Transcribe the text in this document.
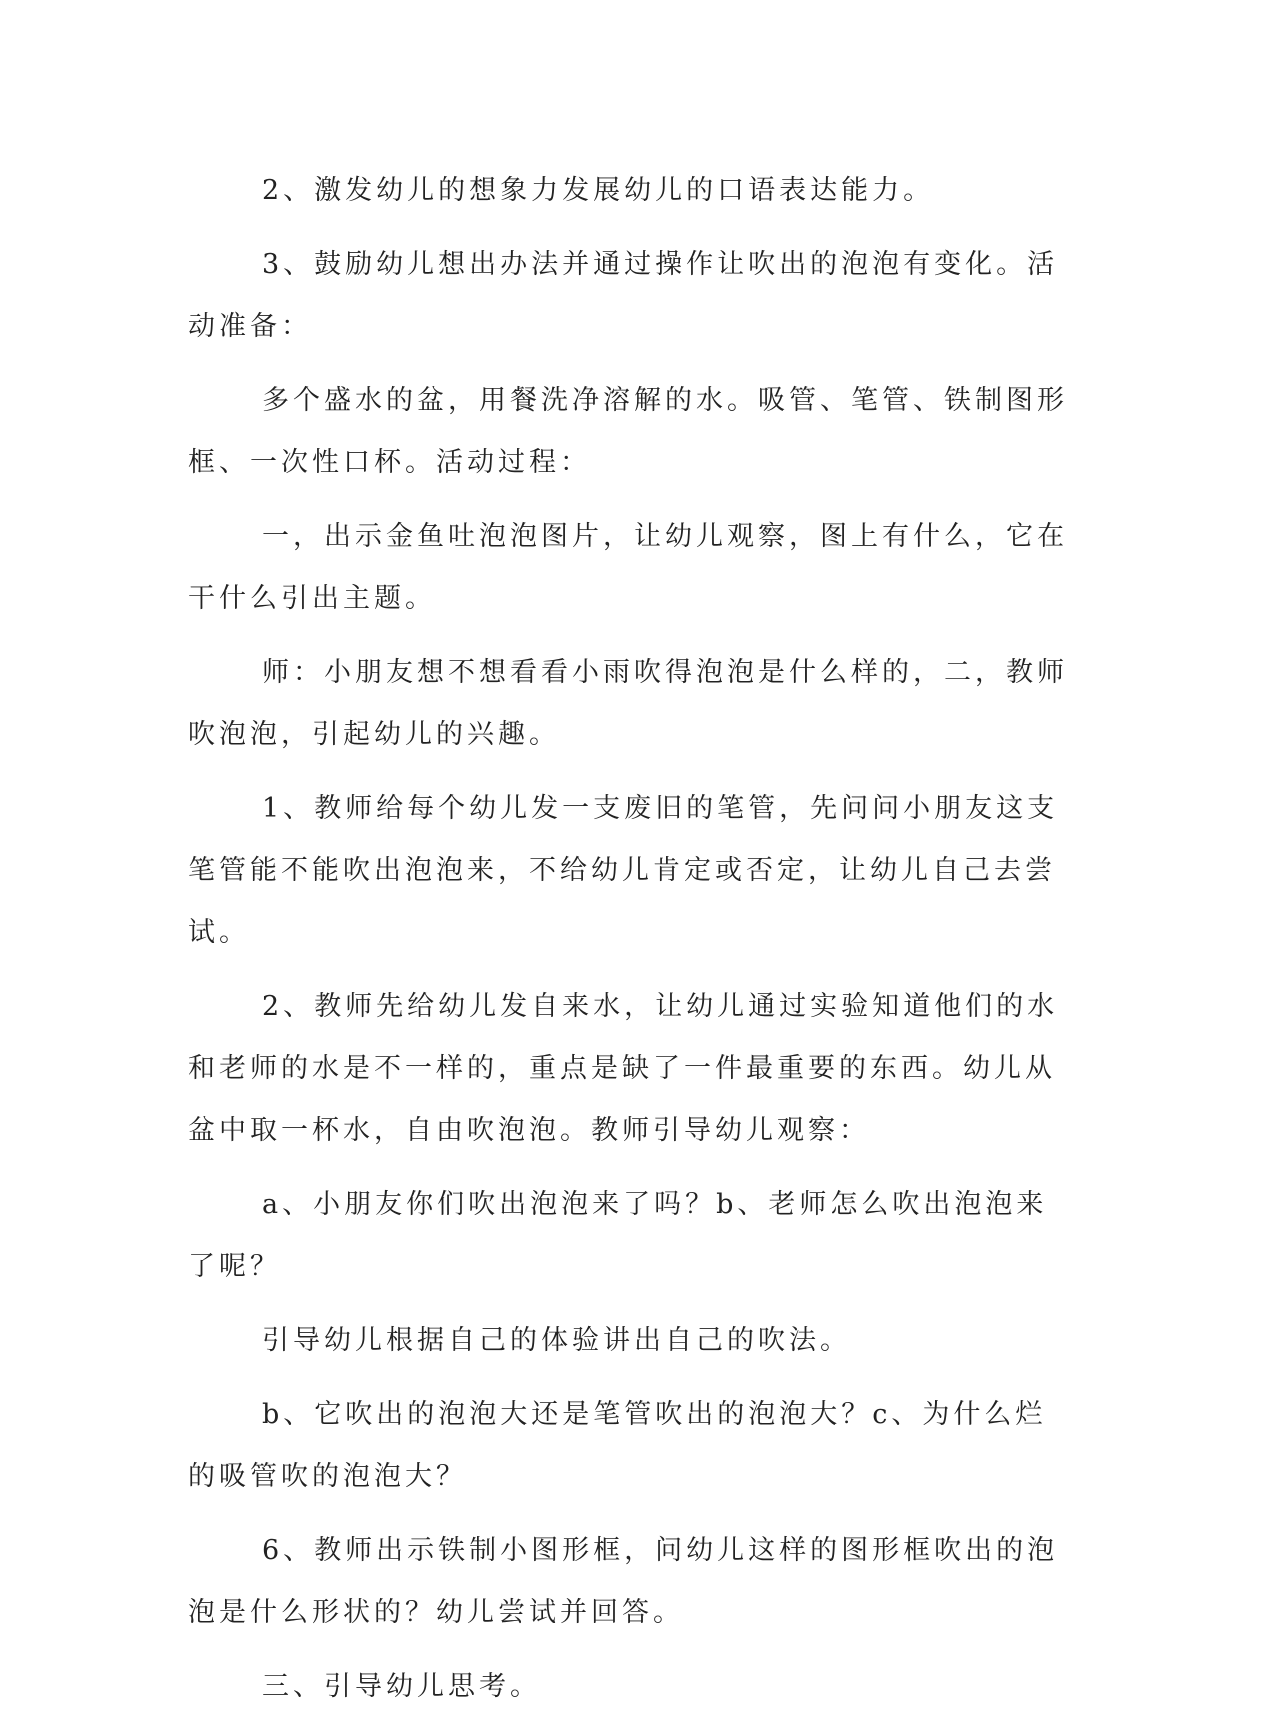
2、激发幼儿的想象力发展幼儿的口语表达能力。

3、鼓励幼儿想出办法并通过操作让吹出的泡泡有变化。活动准备：

多个盛水的盆，用餐洗净溶解的水。吸管、笔管、铁制图形框、一次性口杯。活动过程：

一，出示金鱼吐泡泡图片，让幼儿观察，图上有什么，它在干什么引出主题。

师：小朋友想不想看看小雨吹得泡泡是什么样的，二，教师吹泡泡，引起幼儿的兴趣。

1、教师给每个幼儿发一支废旧的笔管，先问问小朋友这支笔管能不能吹出泡泡来，不给幼儿肯定或否定，让幼儿自己去尝试。

2、教师先给幼儿发自来水，让幼儿通过实验知道他们的水和老师的水是不一样的，重点是缺了一件最重要的东西。幼儿从盆中取一杯水，自由吹泡泡。教师引导幼儿观察：

a、小朋友你们吹出泡泡来了吗？b、老师怎么吹出泡泡来了呢？

引导幼儿根据自己的体验讲出自己的吹法。

b、它吹出的泡泡大还是笔管吹出的泡泡大？c、为什么烂的吸管吹的泡泡大？

6、教师出示铁制小图形框，问幼儿这样的图形框吹出的泡泡是什么形状的？幼儿尝试并回答。

三、引导幼儿思考。
